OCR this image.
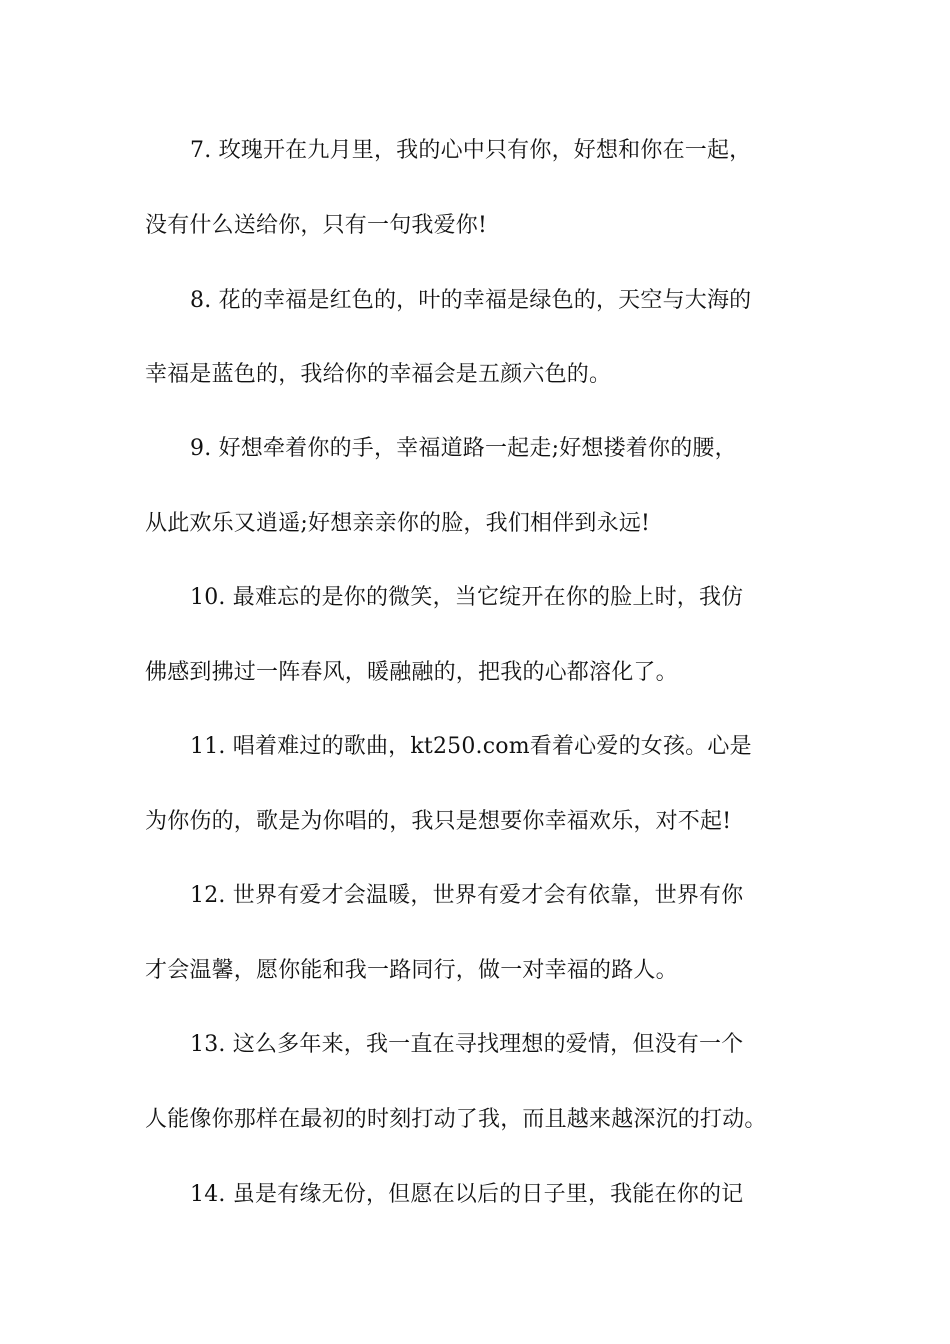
7. 玫瑰开在九月里，我的心中只有你，好想和你在一起，
没有什么送给你，只有一句我爱你!
8. 花的幸福是红色的，叶的幸福是绿色的，天空与大海的
幸福是蓝色的，我给你的幸福会是五颜六色的。
9. 好想牵着你的手，幸福道路一起走;好想搂着你的腰，
从此欢乐又逍遥;好想亲亲你的脸，我们相伴到永远!
10. 最难忘的是你的微笑，当它绽开在你的脸上时，我仿
佛感到拂过一阵春风，暖融融的，把我的心都溶化了。
11. 唱着难过的歌曲，kt250.com看着心爱的女孩。心是
为你伤的，歌是为你唱的，我只是想要你幸福欢乐，对不起!
12. 世界有爱才会温暖，世界有爱才会有依靠，世界有你
才会温馨，愿你能和我一路同行，做一对幸福的路人。
13. 这么多年来，我一直在寻找理想的爱情，但没有一个
人能像你那样在最初的时刻打动了我，而且越来越深沉的打动。
14. 虽是有缘无份，但愿在以后的日子里，我能在你的记
